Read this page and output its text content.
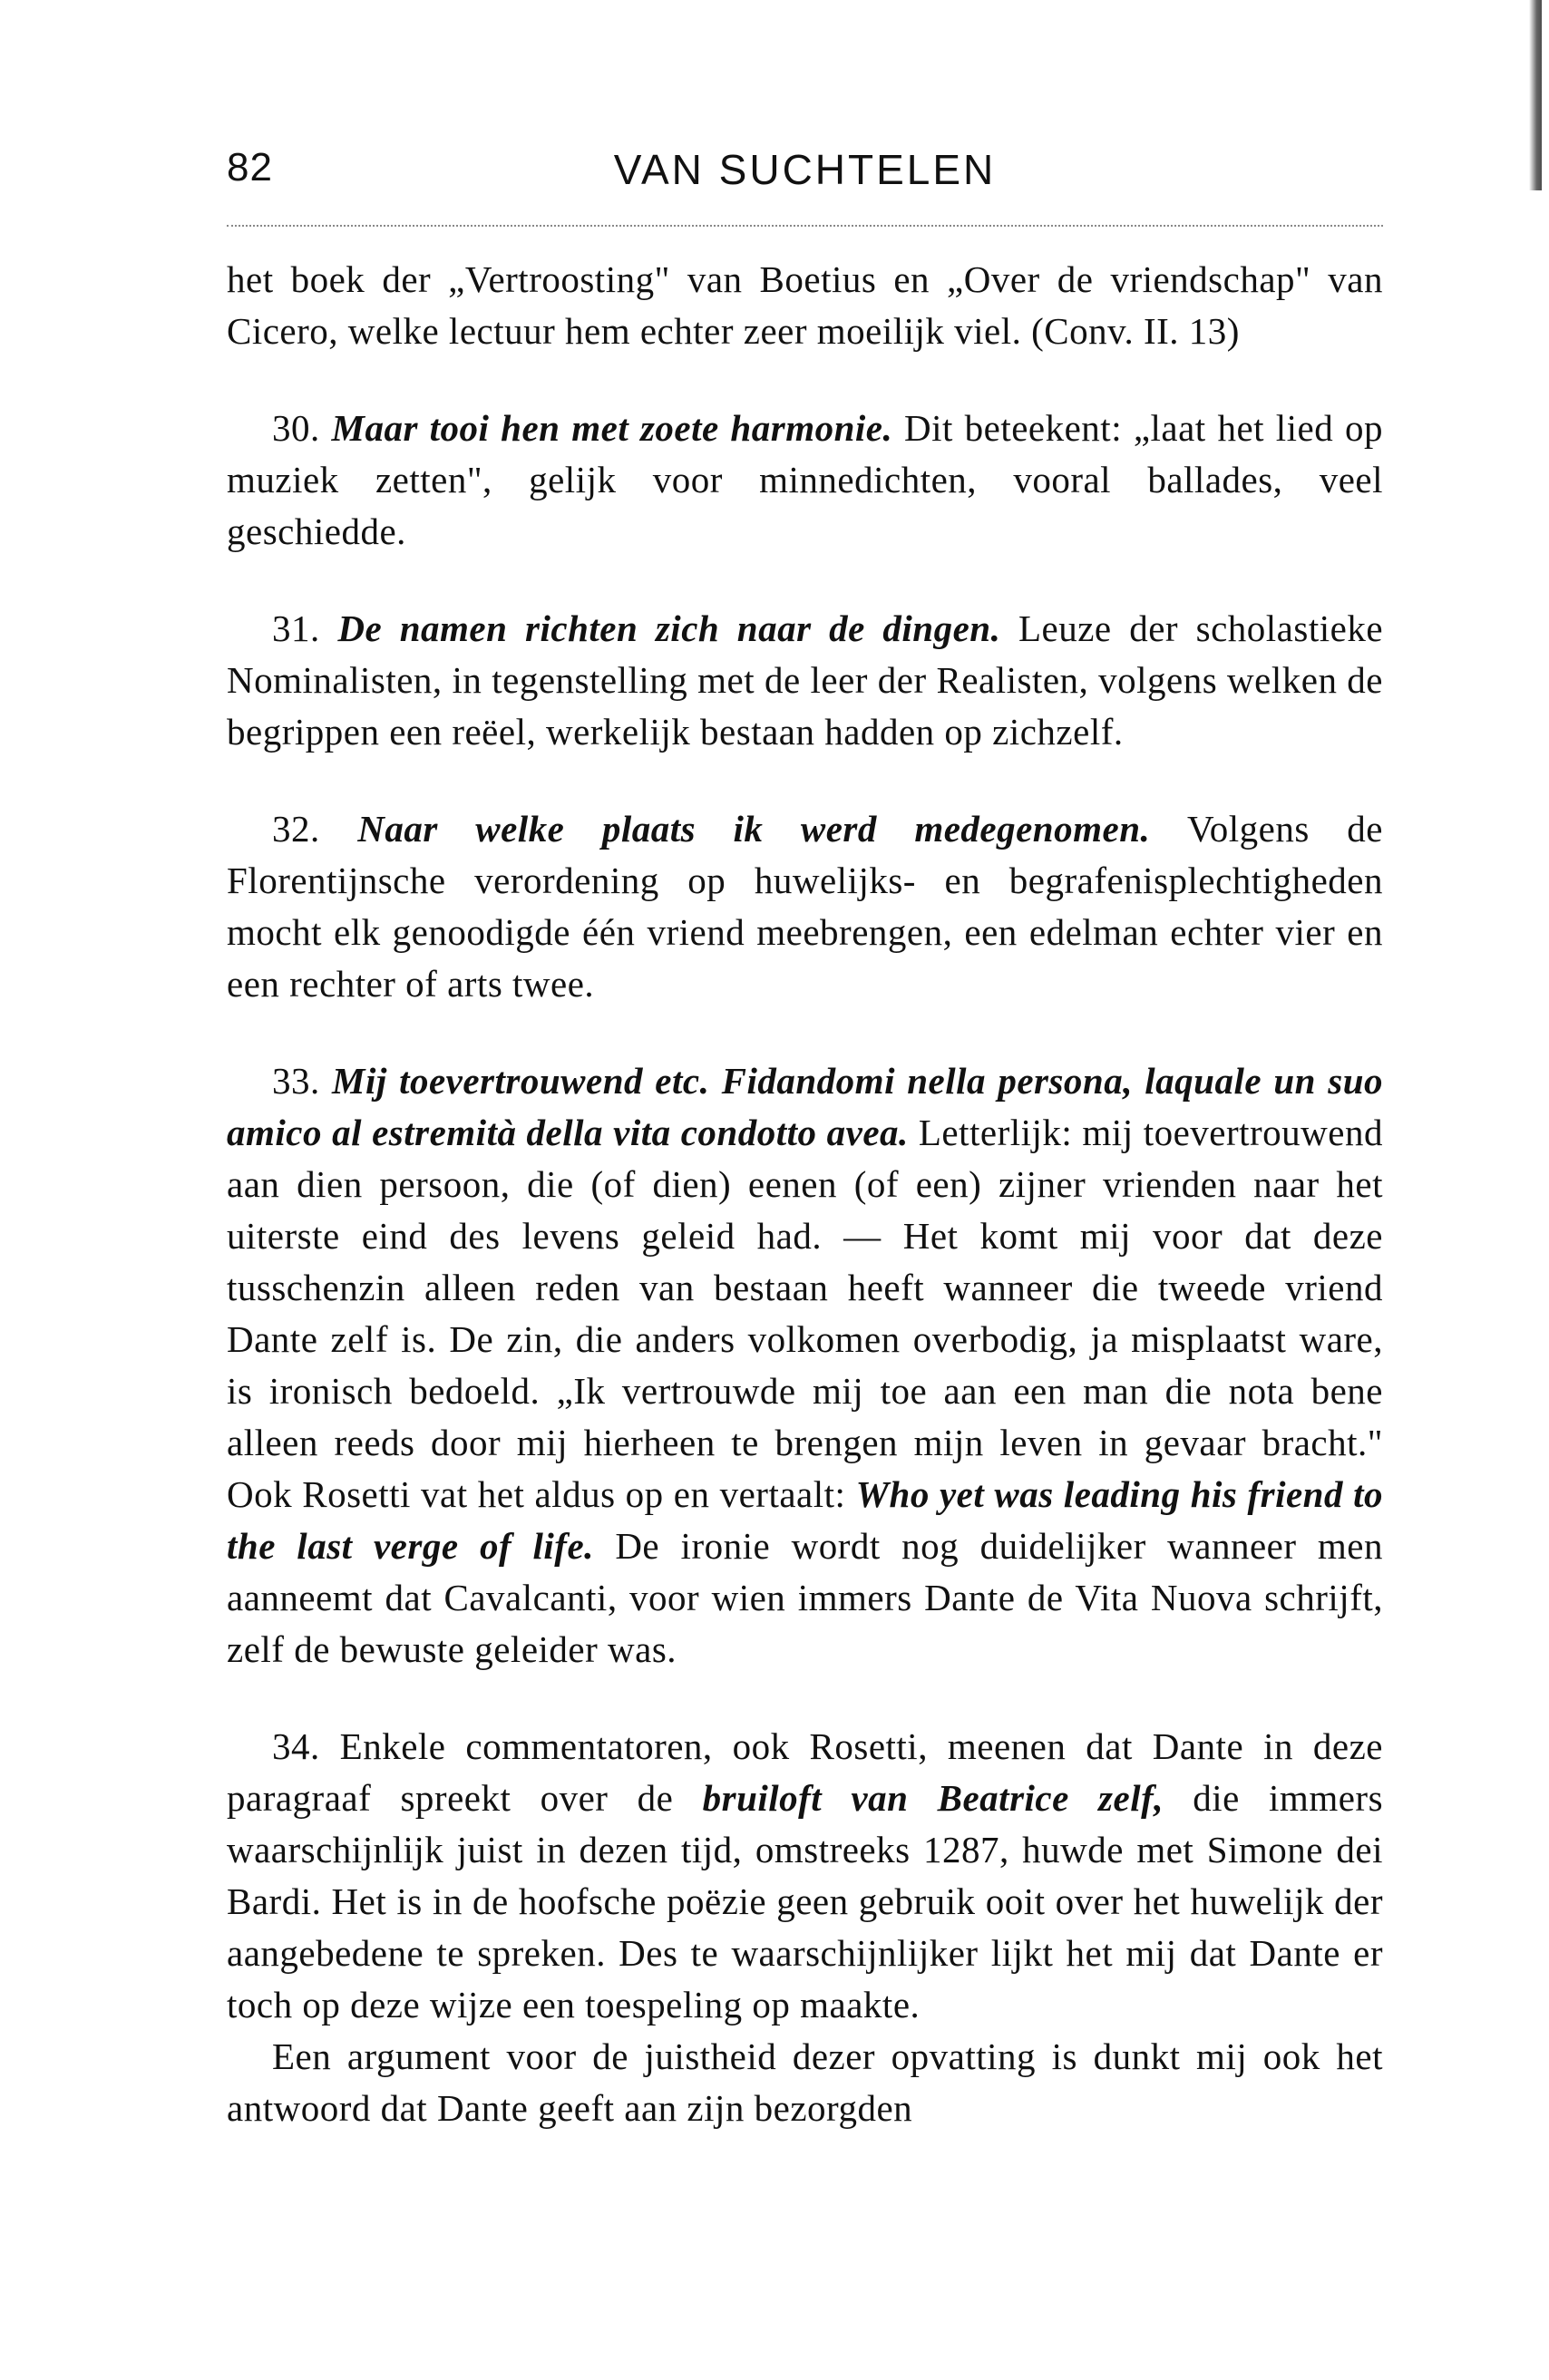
82	VAN SUCHTELEN

het boek der „Vertroosting" van Boetius en „Over de vriendschap" van Cicero, welke lectuur hem echter zeer moeilijk viel. (Conv. II. 13)

30. Maar tooi hen met zoete harmonie. Dit beteekent: „laat het lied op muziek zetten", gelijk voor minnedichten, vooral ballades, veel geschiedde.

31. De namen richten zich naar de dingen. Leuze der scholastieke Nominalisten, in tegenstelling met de leer der Realisten, volgens welken de begrippen een reëel, werkelijk bestaan hadden op zichzelf.

32. Naar welke plaats ik werd medegenomen. Volgens de Florentijnsche verordening op huwelijks- en begrafenisplechtigheden mocht elk genoodigde één vriend meebrengen, een edelman echter vier en een rechter of arts twee.

33. Mij toevertrouwend etc. Fidandomi nella persona, laquale un suo amico al estremità della vita condotto avea. Letterlijk: mij toevertrouwend aan dien persoon, die (of dien) eenen (of een) zijner vrienden naar het uiterste eind des levens geleid had. — Het komt mij voor dat deze tusschenzin alleen reden van bestaan heeft wanneer die tweede vriend Dante zelf is. De zin, die anders volkomen overbodig, ja misplaatst ware, is ironisch bedoeld. „Ik vertrouwde mij toe aan een man die nota bene alleen reeds door mij hierheen te brengen mijn leven in gevaar bracht." Ook Rosetti vat het aldus op en vertaalt: Who yet was leading his friend to the last verge of life. De ironie wordt nog duidelijker wanneer men aanneemt dat Cavalcanti, voor wien immers Dante de Vita Nuova schrijft, zelf de bewuste geleider was.

34. Enkele commentatoren, ook Rosetti, meenen dat Dante in deze paragraaf spreekt over de bruiloft van Beatrice zelf, die immers waarschijnlijk juist in dezen tijd, omstreeks 1287, huwde met Simone dei Bardi. Het is in de hoofsche poëzie geen gebruik ooit over het huwelijk der aangebedene te spreken. Des te waarschijnlijker lijkt het mij dat Dante er toch op deze wijze een toespeling op maakte.

Een argument voor de juistheid dezer opvatting is dunkt mij ook het antwoord dat Dante geeft aan zijn bezorgden
